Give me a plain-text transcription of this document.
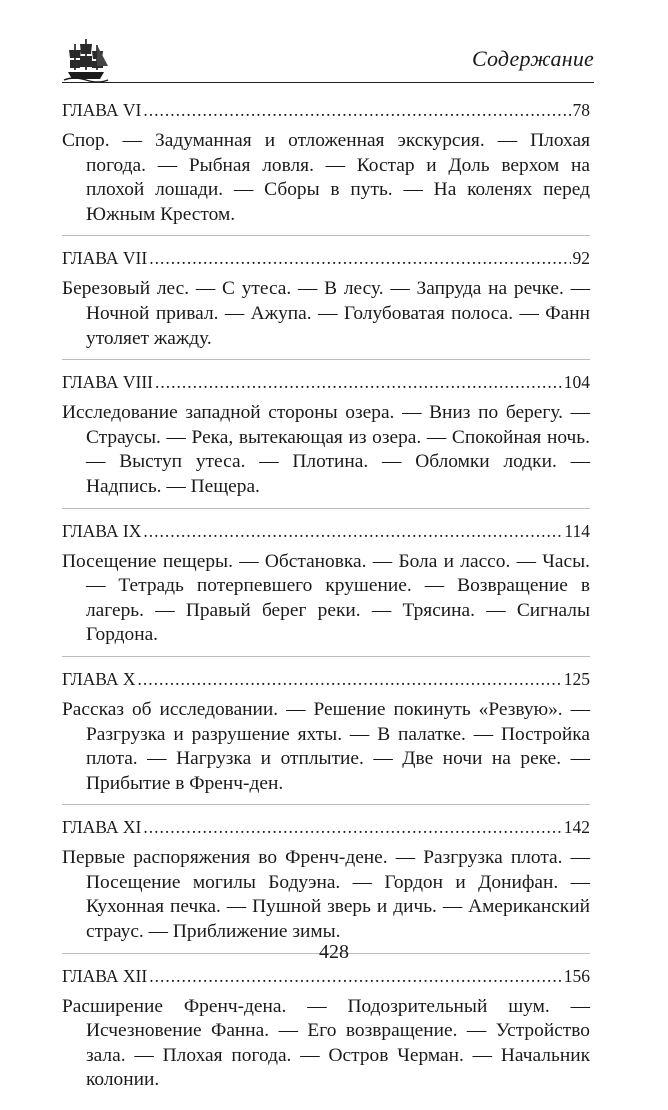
Содержание
ГЛАВА VI .....	78
Спор. — Задуманная и отложенная экскурсия. — Плохая погода. — Рыбная ловля. — Костар и Доль верхом на плохой лошади. — Сборы в путь. — На коленях перед Южным Крестом.
ГЛАВА VII .....	92
Березовый лес. — С утеса. — В лесу. — Запруда на речке. — Ночной привал. — Ажупа. — Голубоватая полоса. — Фанн утоляет жажду.
ГЛАВА VIII .....	104
Исследование западной стороны озера. — Вниз по берегу. — Страусы. — Река, вытекающая из озера. — Спокойная ночь. — Выступ утеса. — Плотина. — Обломки лодки. — Надпись. — Пещера.
ГЛАВА IX .....	114
Посещение пещеры. — Обстановка. — Бола и лассо. — Часы. — Тетрадь потерпевшего крушение. — Возвращение в лагерь. — Правый берег реки. — Трясина. — Сигналы Гордона.
ГЛАВА X .....	125
Рассказ об исследовании. — Решение покинуть «Резвую». — Разгрузка и разрушение яхты. — В палатке. — Постройка плота. — Нагрузка и отплытие. — Две ночи на реке. — Прибытие в Френч-ден.
ГЛАВА XI .....	142
Первые распоряжения во Френч-дене. — Разгрузка плота. — Посещение могилы Бодуэна. — Гордон и Донифан. — Кухонная печка. — Пушной зверь и дичь. — Американский страус. — Приближение зимы.
ГЛАВА XII .....	156
Расширение Френч-дена. — Подозрительный шум. — Исчезновение Фанна. — Его возвращение. — Устройство зала. — Плохая погода. — Остров Черман. — Начальник колонии.
428
